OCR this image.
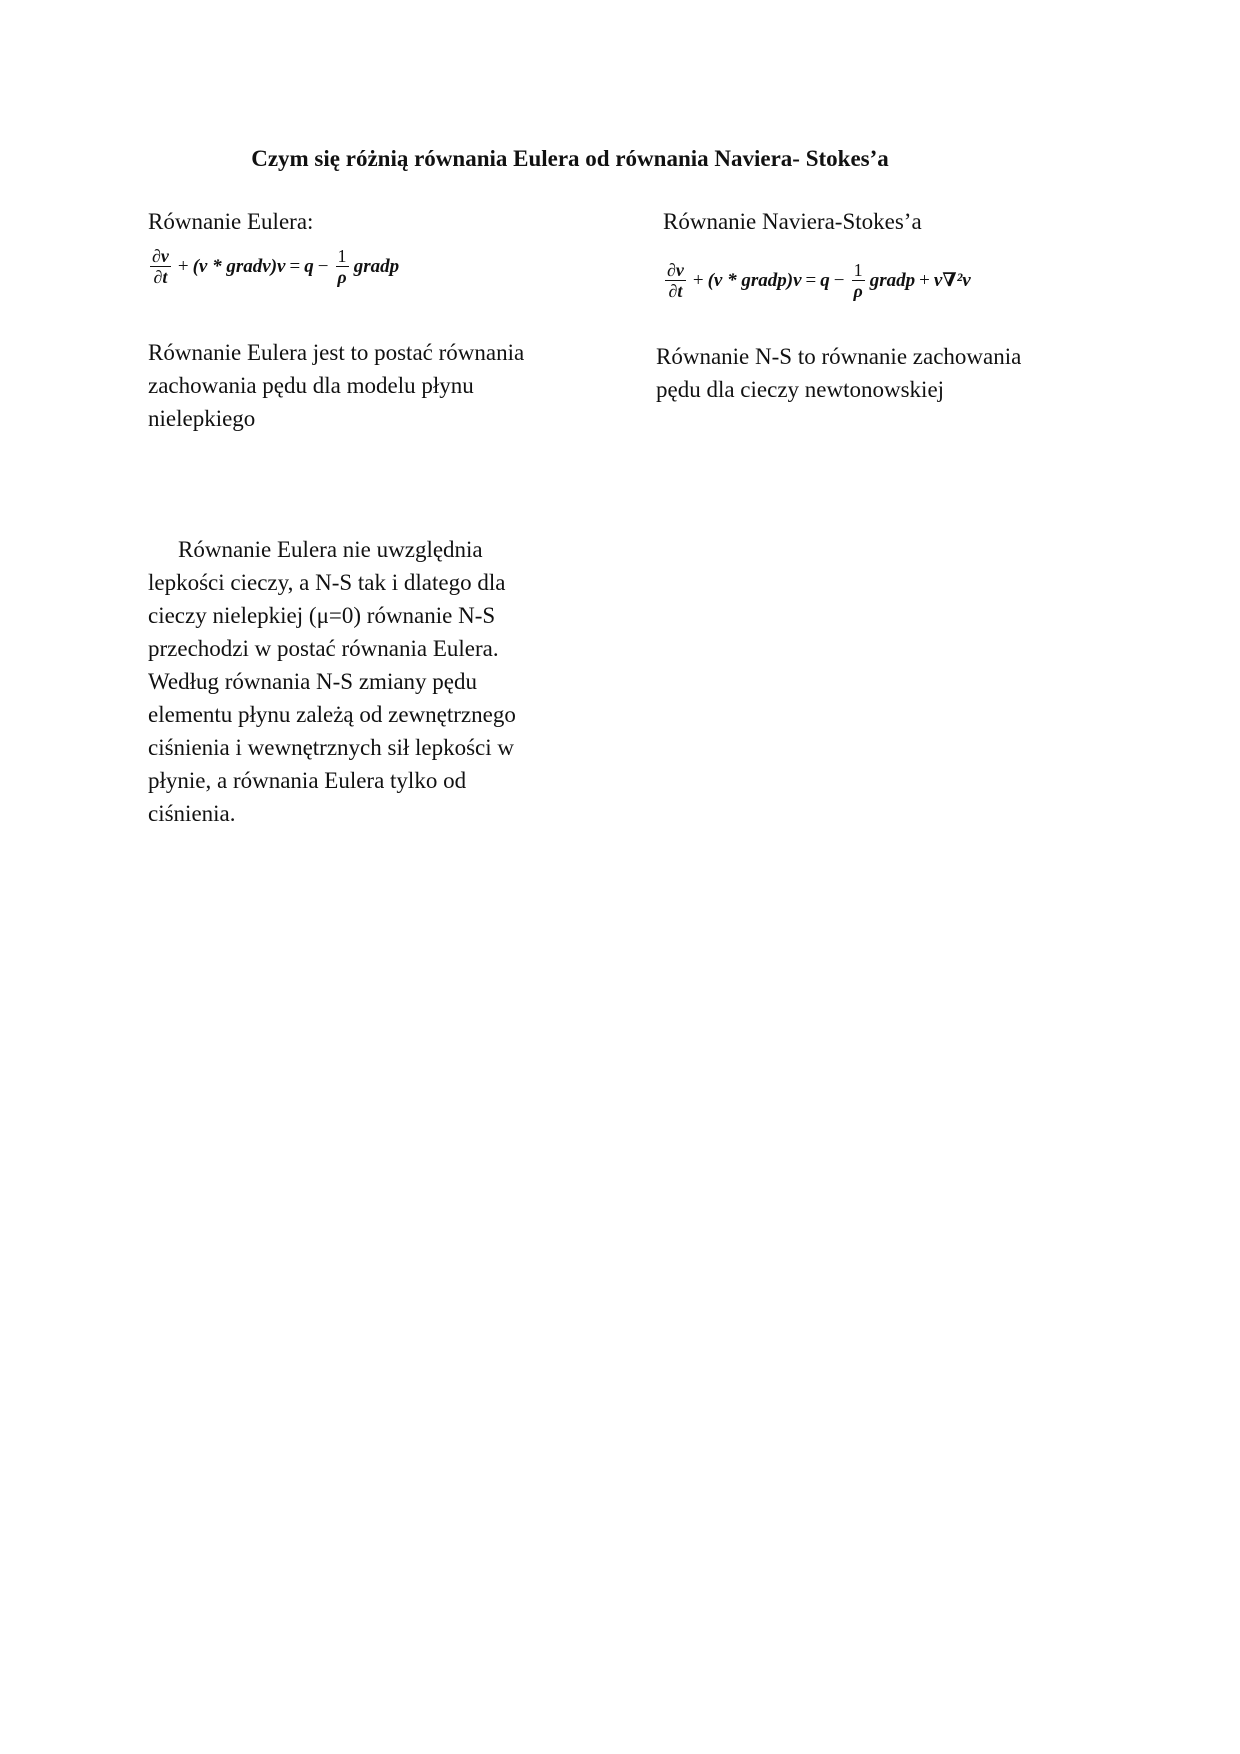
Czym się różnią równania Eulera od równania Naviera- Stokes’a
Równanie Eulera:
$\frac{\partial v}{\partial t} + (v$ * gradv)v = $q - \frac{1}{\rho}$ gradp
Równanie Eulera jest to postać równania
zachowania pędu dla modelu płynu
nielepkiego
Równanie Naviera-Stokes’a
$\frac{\partial v}{\partial t} + (v$ * gradp)v = $q - \frac{1}{\rho}$ gradp + v∇²v
Równanie N-S to równanie zachowania
pędu dla cieczy newtonowskiej
Równanie Eulera nie uwzględnia
lepkości cieczy, a N-S tak i dlatego dla
cieczy nielepkiej (μ=0) równanie N-S
przechodzi w postać równania Eulera.
Według równania N-S zmiany pędu
elementu płynu zależą od zewnętrznego
ciśnienia i wewnętrznych sił lepkości w
płynie, a równania Eulera tylko od
ciśnienia.
